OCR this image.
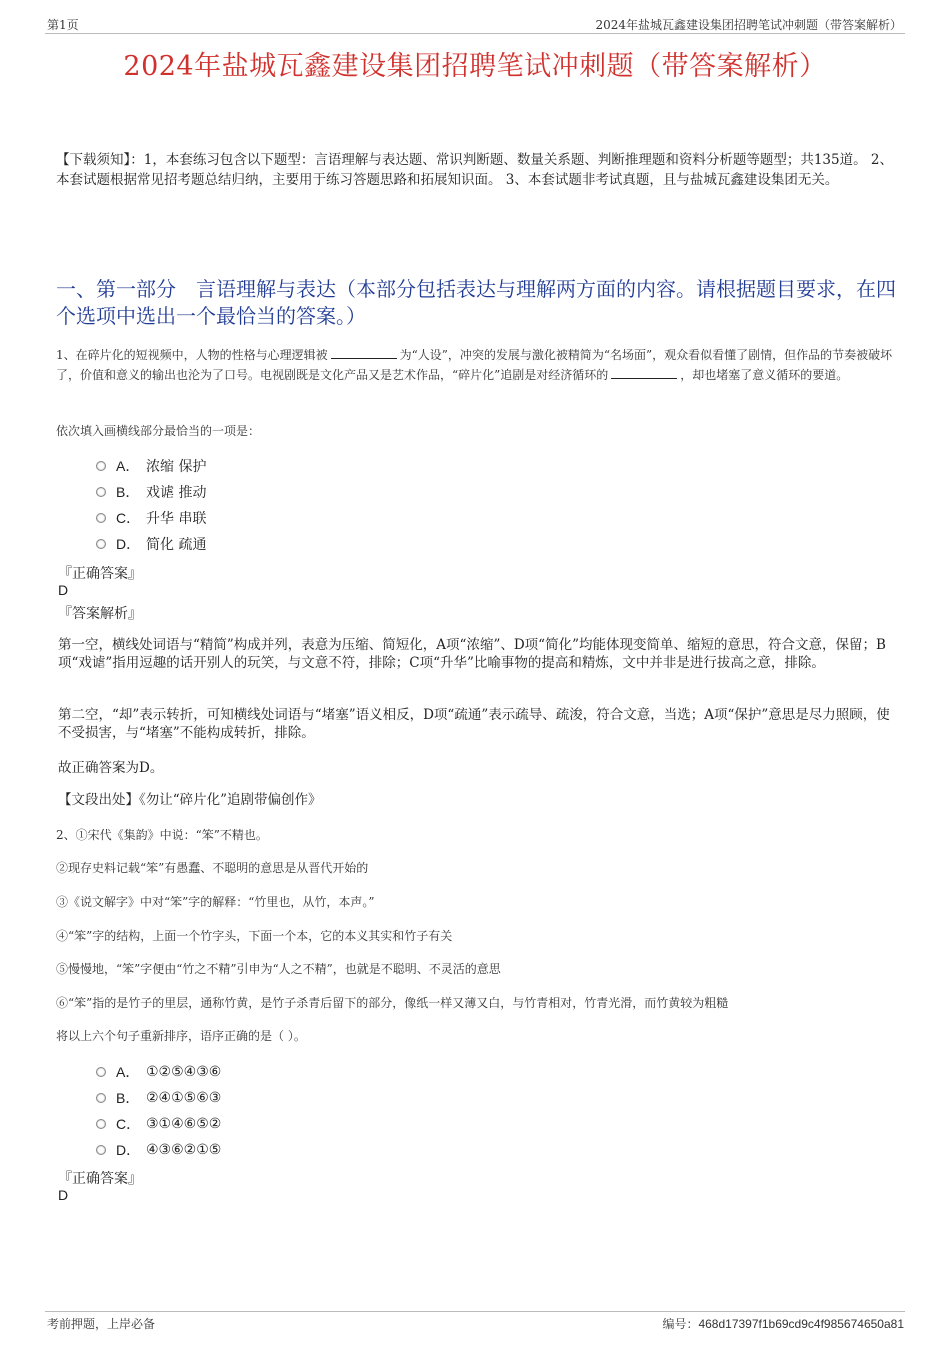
第1页	2024年盐城瓦鑫建设集团招聘笔试冲刺题（带答案解析）
2024年盐城瓦鑫建设集团招聘笔试冲刺题（带答案解析）
【下载须知】：1，本套练习包含以下题型：言语理解与表达题、常识判断题、数量关系题、判断推理题和资料分析题等题型；共135道。 2、本套试题根据常见招考题总结归纳，主要用于练习答题思路和拓展知识面。 3、本套试题非考试真题，且与盐城瓦鑫建设集团无关。
一、第一部分　言语理解与表达（本部分包括表达与理解两方面的内容。请根据题目要求，在四个选项中选出一个最恰当的答案。）
1、在碎片化的短视频中，人物的性格与心理逻辑被	为“人设”，冲突的发展与激化被精简为“名场面”，观众看似看懂了剧情，但作品的节奏被破坏了，价值和意义的输出也沦为了口号。电视剧既是文化产品又是艺术作品，“碎片化”追剧是对经济循环的	，却也堵塞了意义循环的要道。
依次填入画横线部分最恰当的一项是：
A． 浓缩 保护
B． 戏谑 推动
C． 升华 串联
D． 简化 疏通
『正确答案』
D
『答案解析』
第一空，横线处词语与“精简”构成并列，表意为压缩、简短化，A项“浓缩”、D项“简化”均能体现变简单、缩短的意思，符合文意，保留；B项“戏谑”指用逗趣的话开别人的玩笑，与文意不符，排除；C项“升华”比喻事物的提高和精炼，文中并非是进行拔高之意，排除。
第二空，“却”表示转折，可知横线处词语与“堵塞”语义相反，D项“疏通”表示疏导、疏浚，符合文意，当选；A项“保护”意思是尽力照顾，使不受损害，与“堵塞”不能构成转折，排除。
故正确答案为D。
【文段出处】《勿让“碎片化”追剧带偏创作》
2、①宋代《集韵》中说：“笨”不精也。
②现存史料记载“笨”有愚蠢、不聪明的意思是从晋代开始的
③《说文解字》中对“笨”字的解释：“竹里也，从竹，本声。”
④“笨”字的结构，上面一个竹字头，下面一个本，它的本义其实和竹子有关
⑤慢慢地，“笨”字便由“竹之不精”引申为“人之不精”，也就是不聪明、不灵活的意思
⑥“笨”指的是竹子的里层，通称竹黄，是竹子杀青后留下的部分，像纸一样又薄又白，与竹青相对，竹青光滑，而竹黄较为粗糙
将以上六个句子重新排序，语序正确的是（ ）。
A． ①②⑤④③⑥
B． ②④①⑤⑥③
C． ③①④⑥⑤②
D． ④③⑥②①⑤
『正确答案』
D
考前押题，上岸必备	编号：468d17397f1b69cd9c4f985674650a81
